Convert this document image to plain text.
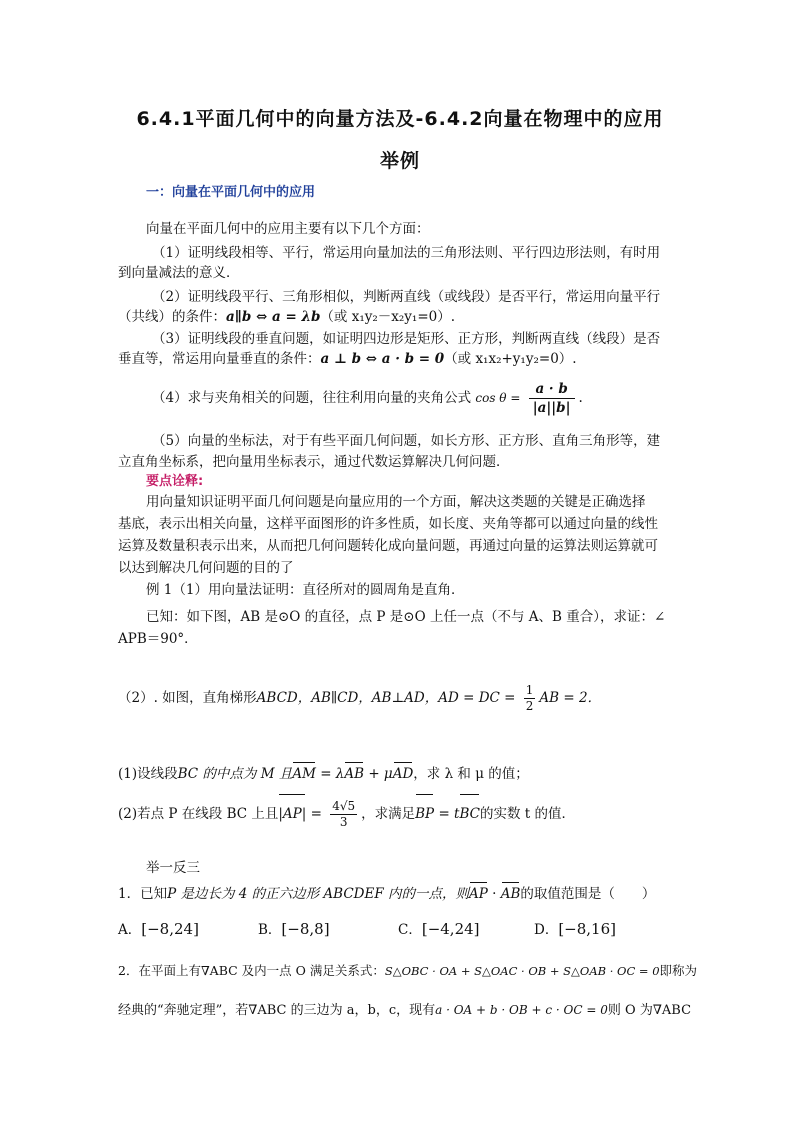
6.4.1平面几何中的向量方法及-6.4.2向量在物理中的应用
举例
一：向量在平面几何中的应用
向量在平面几何中的应用主要有以下几个方面：
（1）证明线段相等、平行，常运用向量加法的三角形法则、平行四边形法则，有时用
到向量减法的意义．
（2）证明线段平行、三角形相似，判断两直线（或线段）是否平行，常运用向量平行
（共线）的条件：a∥b ⇔ a = λb（或 x₁y₂－x₂y₁=0）.
（3）证明线段的垂直问题，如证明四边形是矩形、正方形，判断两直线（线段）是否
垂直等，常运用向量垂直的条件：a ⊥ b ⇔ a · b = 0（或 x₁x₂+y₁y₂=0）.
（4）求与夹角相关的问题，往往利用向量的夹角公式 $\cos \theta = \frac{a \cdot b}{|a||b|}$ .
（5）向量的坐标法，对于有些平面几何问题，如长方形、正方形、直角三角形等，建
立直角坐标系，把向量用坐标表示，通过代数运算解决几何问题．
要点诠释:
用向量知识证明平面几何问题是向量应用的一个方面，解决这类题的关键是正确选择
基底，表示出相关向量，这样平面图形的许多性质，如长度、夹角等都可以通过向量的线性
运算及数量积表示出来，从而把几何问题转化成向量问题，再通过向量的运算法则运算就可
以达到解决几何问题的目的了
例 1（1）用向量法证明：直径所对的圆周角是直角．
已知：如下图，AB 是⊙O 的直径，点 P 是⊙O 上任一点（不与 A、B 重合），求证：∠
APB＝90°．
（2）. 如图，直角梯形ABCD，AB∥CD，AB⊥AD，AD = DC = $\frac{1}{2}$ AB = 2．
(1)设线段BC 的中点为 M 且AM = λAB + μAD，求 λ 和 μ 的值；
(2)若点 P 在线段 BC 上且$|AP| = \frac{4√5}{3}$ ，求满足BP = tBC的实数 t 的值．
举一反三
1．已知P 是边长为 4 的正六边形 ABCDEF 内的一点，则AP · AB的取值范围是（　　）
A．[−8,24]	B．[−8,8]	C．[−4,24]	D．[−8,16]
2．在平面上有∇ABC 及内一点 O 满足关系式：S△OBC · OA + S△OAC · OB + S△OAB · OC = 0即称为
经典的“奔驰定理”，若∇ABC 的三边为 a，b，c，现有a · OA + b · OB + c · OC = 0则 O 为∇ABC
